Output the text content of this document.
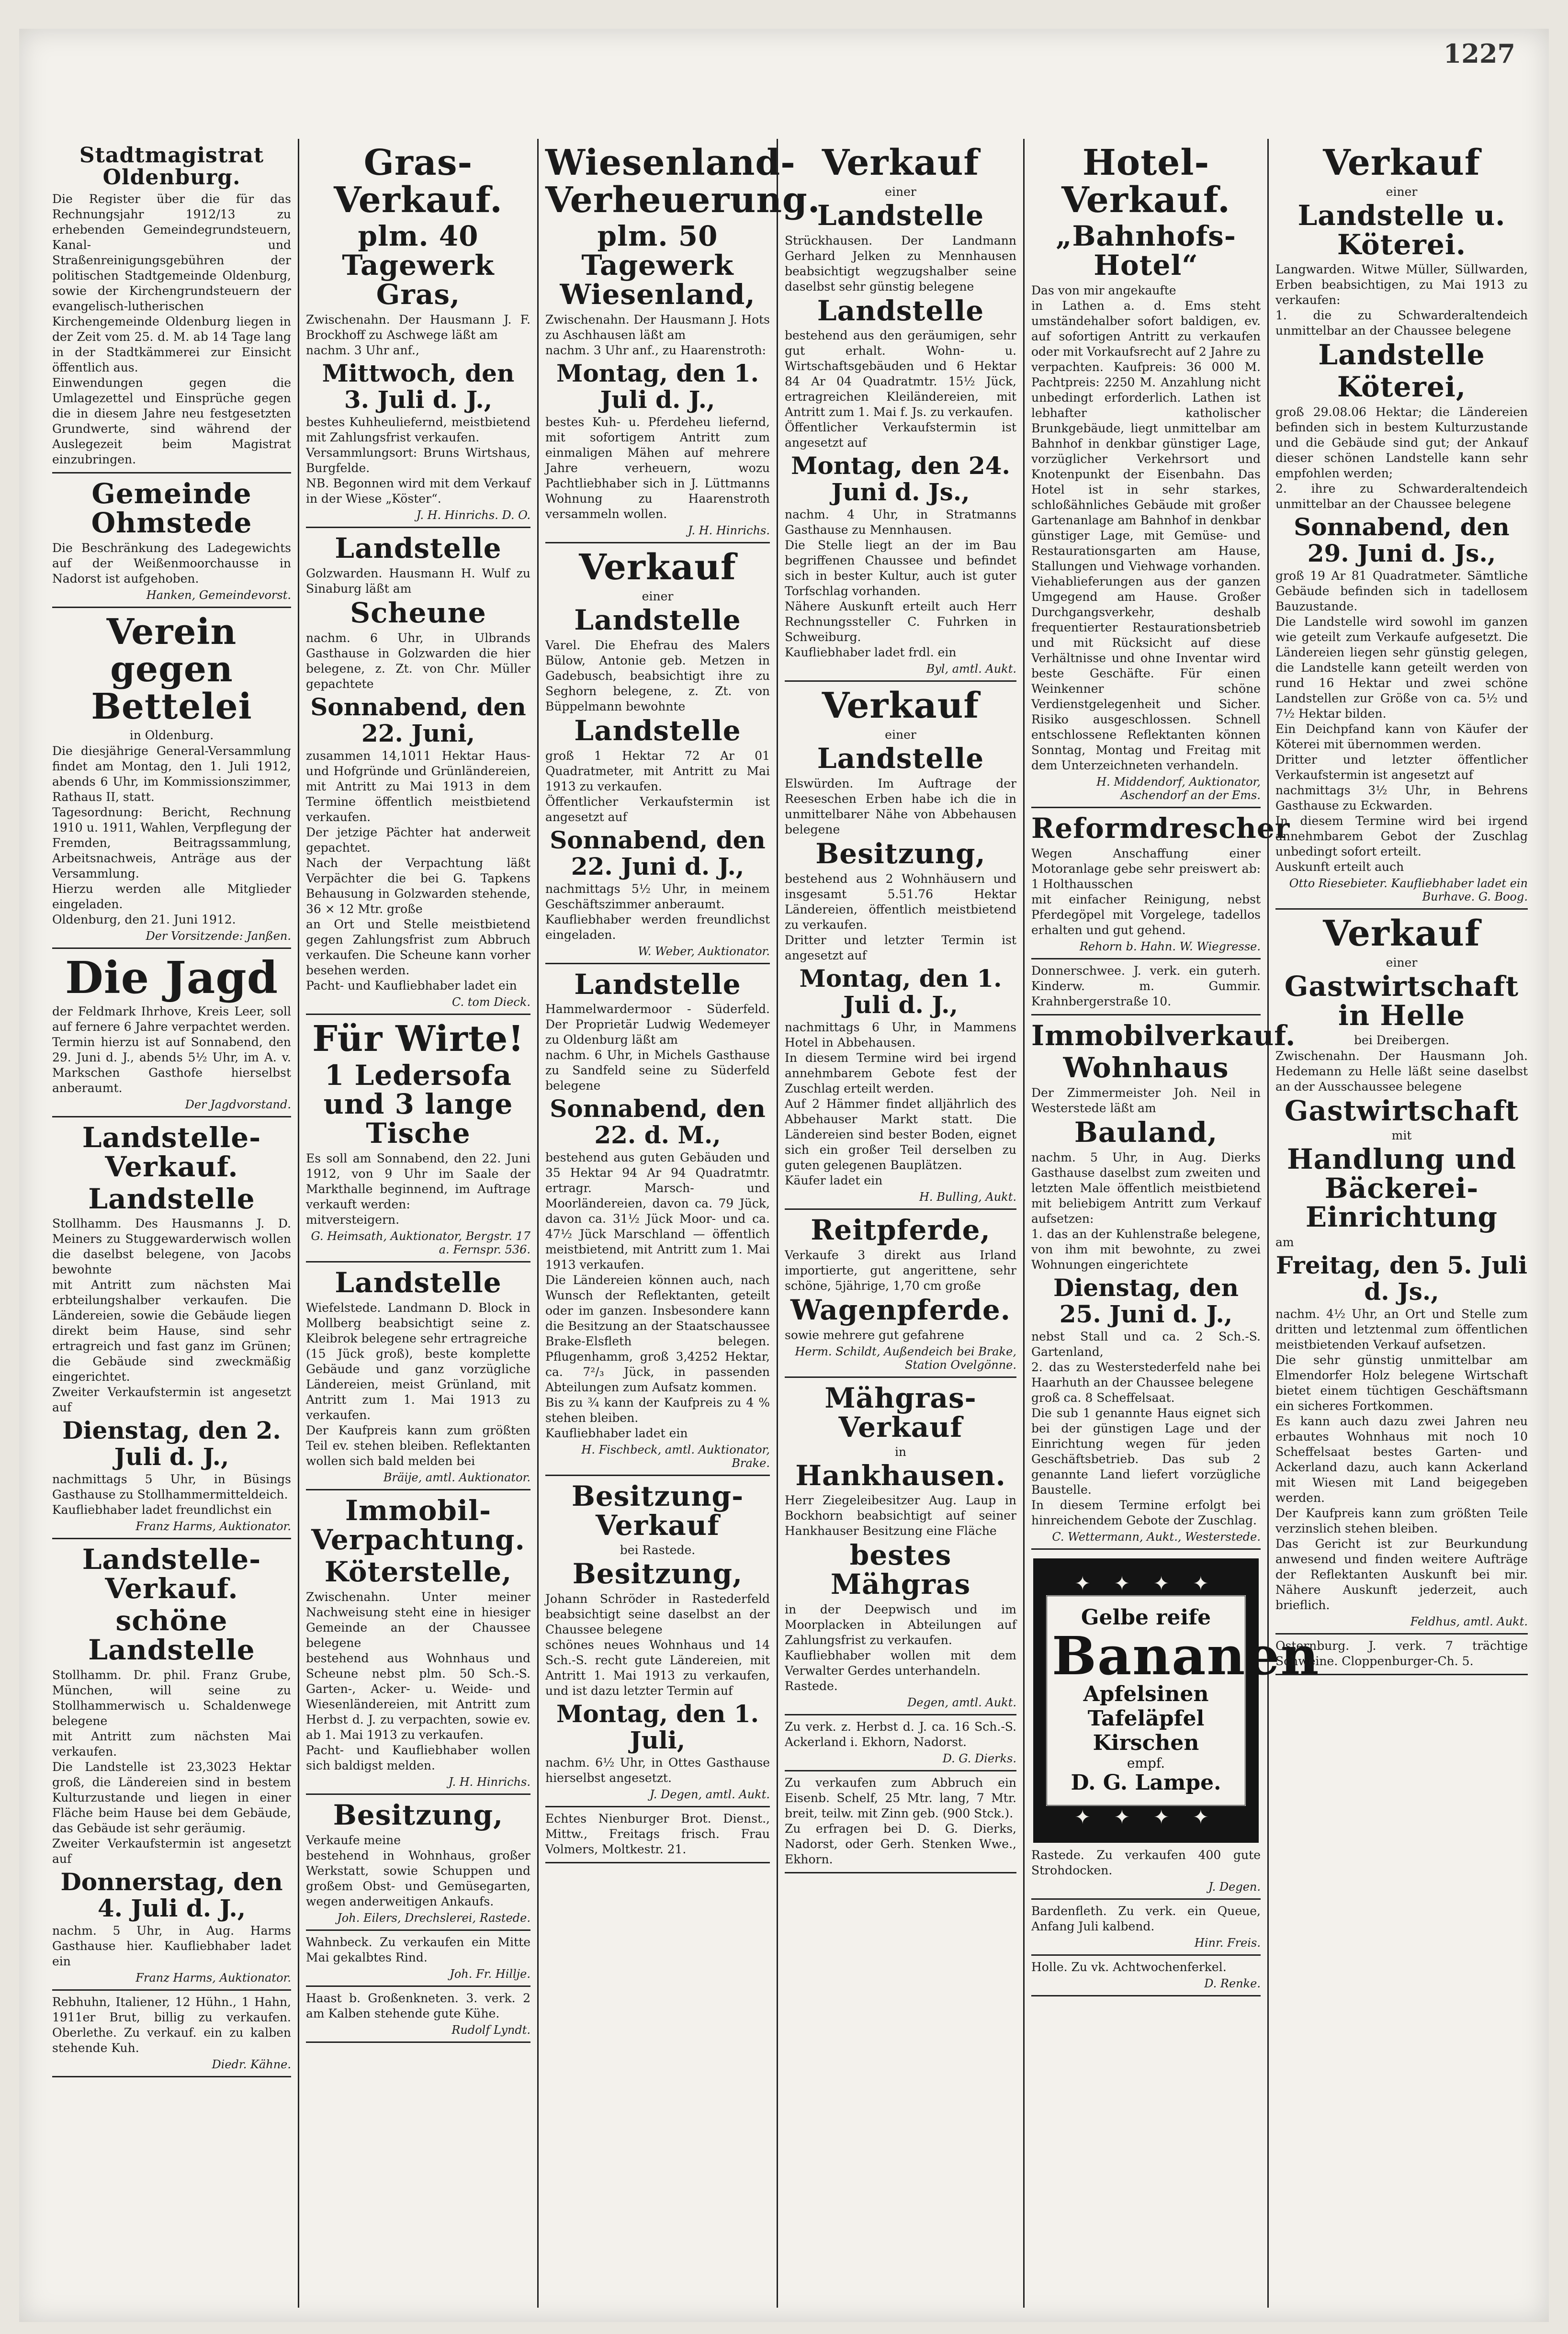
1227
Stadtmagistrat Oldenburg.
Die Register über die für das Rechnungsjahr 1912/13 zu erhebenden Gemeindegrundsteuern, Kanal- und Straßenreinigungsgebühren der politischen Stadtgemeinde Oldenburg, sowie der Kirchengrundsteuern der evangelisch-lutherischen Kirchengemeinde Oldenburg liegen in der Zeit vom 25. d. M. ab 14 Tage lang in der Stadtkämmerei zur Einsicht öffentlich aus.
Einwendungen gegen die Umlagezettel und Einsprüche gegen die in diesem Jahre neu festgesetzten Grundwerte, sind während der Auslegezeit beim Magistrat einzubringen.
Gemeinde Ohmstede
Die Beschränkung des Ladegewichts auf der Weißenmoorchausse in Nadorst ist aufgehoben.
Hanken, Gemeindevorst.
Verein gegen Bettelei
in Oldenburg.
Die diesjährige General-Versammlung findet am Montag, den 1. Juli 1912, abends 6 Uhr, im Kommissionszimmer, Rathaus II, statt.
Tagesordnung: Bericht, Rechnung 1910 u. 1911, Wahlen, Verpflegung der Fremden, Beitragssammlung, Arbeitsnachweis, Anträge aus der Versammlung.
Hierzu werden alle Mitglieder eingeladen.
Oldenburg, den 21. Juni 1912.
Der Vorsitzende: Janßen.
Die Jagd
der Feldmark Ihrhove, Kreis Leer, soll auf fernere 6 Jahre verpachtet werden.
Termin hierzu ist auf Sonnabend, den 29. Juni d. J., abends 5½ Uhr, im A. v. Markschen Gasthofe hierselbst anberaumt.
Der Jagdvorstand.
Landstelle-Verkauf.
Landstelle
Stollhamm. Des Hausmanns J. D. Meiners zu Stuggewarderwisch wollen die daselbst belegene, von Jacobs bewohnte
mit Antritt zum nächsten Mai erbteilungshalber verkaufen. Die Ländereien, sowie die Gebäude liegen direkt beim Hause, sind sehr ertragreich und fast ganz im Grünen; die Gebäude sind zweckmäßig eingerichtet.
Zweiter Verkaufstermin ist angesetzt auf
Dienstag, den 2. Juli d. J.,
nachmittags 5 Uhr, in Büsings Gasthause zu Stollhammermitteldeich.
Kaufliebhaber ladet freundlichst ein
Franz Harms, Auktionator.
Landstelle-Verkauf.
schöne Landstelle
Stollhamm. Dr. phil. Franz Grube, München, will seine zu Stollhammerwisch u. Schaldenwege belegene
mit Antritt zum nächsten Mai verkaufen.
Die Landstelle ist 23,3023 Hektar groß, die Ländereien sind in bestem Kulturzustande und liegen in einer Fläche beim Hause bei dem Gebäude, das Gebäude ist sehr geräumig.
Zweiter Verkaufstermin ist angesetzt auf
Donnerstag, den 4. Juli d. J.,
nachm. 5 Uhr, in Aug. Harms Gasthause hier. Kaufliebhaber ladet ein
Franz Harms, Auktionator.
Rebhuhn, Italiener, 12 Hühn., 1 Hahn, 1911er Brut, billig zu verkaufen. Oberlethe. Zu verkauf. ein zu kalben stehende Kuh.
Diedr. Kähne.
Gras-Verkauf.
plm. 40 Tagewerk Gras,
Zwischenahn. Der Hausmann J. F. Brockhoff zu Aschwege läßt am
nachm. 3 Uhr anf.,
Mittwoch, den 3. Juli d. J.,
bestes Kuhheuliefernd, meistbietend mit Zahlungsfrist verkaufen.
Versammlungsort: Bruns Wirtshaus, Burgfelde.
NB. Begonnen wird mit dem Verkauf in der Wiese „Köster“.
J. H. Hinrichs. D. O.
Landstelle
Golzwarden. Hausmann H. Wulf zu Sinaburg läßt am
Scheune
nachm. 6 Uhr, in Ulbrands Gasthause in Golzwarden die hier belegene, z. Zt. von Chr. Müller gepachtete
Sonnabend, den 22. Juni,
zusammen 14,1011 Hektar Haus- und Hofgründe und Grünländereien, mit Antritt zu Mai 1913 in dem Termine öffentlich meistbietend verkaufen.
Der jetzige Pächter hat anderweit gepachtet.
Nach der Verpachtung läßt Verpächter die bei G. Tapkens Behausung in Golzwarden stehende, 36 × 12 Mtr. große
an Ort und Stelle meistbietend gegen Zahlungsfrist zum Abbruch verkaufen. Die Scheune kann vorher besehen werden.
Pacht- und Kaufliebhaber ladet ein
C. tom Dieck.
Für Wirte!
1 Ledersofa und 3 lange Tische
Es soll am Sonnabend, den 22. Juni 1912, von 9 Uhr im Saale der Markthalle beginnend, im Auftrage verkauft werden:
mitversteigern.
G. Heimsath, Auktionator, Bergstr. 17 a. Fernspr. 536.
Landstelle
Wiefelstede. Landmann D. Block in Mollberg beabsichtigt seine z. Kleibrok belegene sehr ertragreiche
(15 Jück groß), beste komplette Gebäude und ganz vorzügliche Ländereien, meist Grünland, mit Antritt zum 1. Mai 1913 zu verkaufen.
Der Kaufpreis kann zum größten Teil ev. stehen bleiben. Reflektanten wollen sich bald melden bei
Bräije, amtl. Auktionator.
Immobil-Verpachtung.
Köterstelle,
Zwischenahn. Unter meiner Nachweisung steht eine in hiesiger Gemeinde an der Chaussee belegene
bestehend aus Wohnhaus und Scheune nebst plm. 50 Sch.-S. Garten-, Acker- u. Weide- und Wiesenländereien, mit Antritt zum Herbst d. J. zu verpachten, sowie ev. ab 1. Mai 1913 zu verkaufen.
Pacht- und Kaufliebhaber wollen sich baldigst melden.
J. H. Hinrichs.
Besitzung,
Verkaufe meine
bestehend in Wohnhaus, großer Werkstatt, sowie Schuppen und großem Obst- und Gemüsegarten, wegen anderweitigen Ankaufs.
Joh. Eilers, Drechslerei, Rastede.
Wahnbeck. Zu verkaufen ein Mitte Mai gekalbtes Rind.
Joh. Fr. Hillje.
Haast b. Großenkneten. 3. verk. 2 am Kalben stehende gute Kühe.
Rudolf Lyndt.
Wiesenland-Verheuerung.
plm. 50 Tagewerk Wiesenland,
Zwischenahn. Der Hausmann J. Hots zu Aschhausen läßt am
nachm. 3 Uhr anf., zu Haarenstroth:
Montag, den 1. Juli d. J.,
bestes Kuh- u. Pferdeheu liefernd, mit sofortigem Antritt zum einmaligen Mähen auf mehrere Jahre verheuern, wozu Pachtliebhaber sich in J. Lüttmanns Wohnung zu Haarenstroth versammeln wollen.
J. H. Hinrichs.
Verkauf
einer
Landstelle
Varel. Die Ehefrau des Malers Bülow, Antonie geb. Metzen in Gadebusch, beabsichtigt ihre zu Seghorn belegene, z. Zt. von Büppelmann bewohnte
Landstelle
groß 1 Hektar 72 Ar 01 Quadratmeter, mit Antritt zu Mai 1913 zu verkaufen.
Öffentlicher Verkaufstermin ist angesetzt auf
Sonnabend, den 22. Juni d. J.,
nachmittags 5½ Uhr, in meinem Geschäftszimmer anberaumt.
Kaufliebhaber werden freundlichst eingeladen.
W. Weber, Auktionator.
Landstelle
Hammelwardermoor - Süderfeld. Der Proprietär Ludwig Wedemeyer zu Oldenburg läßt am
nachm. 6 Uhr, in Michels Gasthause zu Sandfeld seine zu Süderfeld belegene
Sonnabend, den 22. d. M.,
bestehend aus guten Gebäuden und 35 Hektar 94 Ar 94 Quadratmtr. ertragr. Marsch- und Moorländereien, davon ca. 79 Jück, davon ca. 31½ Jück Moor- und ca. 47½ Jück Marschland — öffentlich meistbietend, mit Antritt zum 1. Mai 1913 verkaufen.
Die Ländereien können auch, nach Wunsch der Reflektanten, geteilt oder im ganzen. Insbesondere kann die Besitzung an der Staatschaussee Brake-Elsfleth belegen. Pflugenhamm, groß 3,4252 Hektar, ca. 7²/₃ Jück, in passenden Abteilungen zum Aufsatz kommen.
Bis zu ¾ kann der Kaufpreis zu 4 % stehen bleiben.
Kaufliebhaber ladet ein
H. Fischbeck, amtl. Auktionator, Brake.
Besitzung-Verkauf
bei Rastede.
Besitzung,
Johann Schröder in Rastederfeld beabsichtigt seine daselbst an der Chaussee belegene
schönes neues Wohnhaus und 14 Sch.-S. recht gute Ländereien, mit Antritt 1. Mai 1913 zu verkaufen, und ist dazu letzter Termin auf
Montag, den 1. Juli,
nachm. 6½ Uhr, in Ottes Gasthause hierselbst angesetzt.
J. Degen, amtl. Aukt.
Echtes Nienburger Brot. Dienst., Mittw., Freitags frisch. Frau Volmers, Moltkestr. 21.
Verkauf
einer
Landstelle
Strückhausen. Der Landmann Gerhard Jelken zu Mennhausen beabsichtigt wegzugshalber seine daselbst sehr günstig belegene
Landstelle
bestehend aus den geräumigen, sehr gut erhalt. Wohn- u. Wirtschaftsgebäuden und 6 Hektar 84 Ar 04 Quadratmtr. 15½ Jück, ertragreichen Kleiländereien, mit Antritt zum 1. Mai f. Js. zu verkaufen.
Öffentlicher Verkaufstermin ist angesetzt auf
Montag, den 24. Juni d. Js.,
nachm. 4 Uhr, in Stratmanns Gasthause zu Mennhausen.
Die Stelle liegt an der im Bau begriffenen Chaussee und befindet sich in bester Kultur, auch ist guter Torfschlag vorhanden.
Nähere Auskunft erteilt auch Herr Rechnungssteller C. Fuhrken in Schweiburg.
Kaufliebhaber ladet frdl. ein
Byl, amtl. Aukt.
Verkauf
einer
Landstelle
Elswürden. Im Auftrage der Reeseschen Erben habe ich die in unmittelbarer Nähe von Abbehausen belegene
Besitzung,
bestehend aus 2 Wohnhäusern und insgesamt 5.51.76 Hektar Ländereien, öffentlich meistbietend zu verkaufen.
Dritter und letzter Termin ist angesetzt auf
Montag, den 1. Juli d. J.,
nachmittags 6 Uhr, in Mammens Hotel in Abbehausen.
In diesem Termine wird bei irgend annehmbarem Gebote fest der Zuschlag erteilt werden.
Auf 2 Hämmer findet alljährlich des Abbehauser Markt statt. Die Ländereien sind bester Boden, eignet sich ein großer Teil derselben zu guten gelegenen Bauplätzen.
Käufer ladet ein
H. Bulling, Aukt.
Reitpferde,
Verkaufe 3 direkt aus Irland importierte, gut angerittene, sehr schöne, 5jährige, 1,70 cm große
Wagenpferde.
sowie mehrere gut gefahrene
Herm. Schildt, Außendeich bei Brake, Station Ovelgönne.
Mähgras-Verkauf
in
Hankhausen.
Herr Ziegeleibesitzer Aug. Laup in Bockhorn beabsichtigt auf seiner Hankhauser Besitzung eine Fläche
bestes Mähgras
in der Deepwisch und im Moorplacken in Abteilungen auf Zahlungsfrist zu verkaufen.
Kaufliebhaber wollen mit dem Verwalter Gerdes unterhandeln.
Rastede.
Degen, amtl. Aukt.
Zu verk. z. Herbst d. J. ca. 16 Sch.-S. Ackerland i. Ekhorn, Nadorst.
D. G. Dierks.
Zu verkaufen zum Abbruch ein Eisenb. Schelf, 25 Mtr. lang, 7 Mtr. breit, teilw. mit Zinn geb. (900 Stck.).
Zu erfragen bei D. G. Dierks, Nadorst, oder Gerh. Stenken Wwe., Ekhorn.
Hotel-Verkauf.
„Bahnhofs-Hotel“
Das von mir angekaufte
in Lathen a. d. Ems steht umständehalber sofort baldigen, ev. auf sofortigen Antritt zu verkaufen oder mit Vorkaufsrecht auf 2 Jahre zu verpachten. Kaufpreis: 36 000 M. Pachtpreis: 2250 M. Anzahlung nicht unbedingt erforderlich. Lathen ist lebhafter katholischer Brunkgebäude, liegt unmittelbar am Bahnhof in denkbar günstiger Lage, vorzüglicher Verkehrsort und Knotenpunkt der Eisenbahn. Das Hotel ist in sehr starkes, schloßähnliches Gebäude mit großer Gartenanlage am Bahnhof in denkbar günstiger Lage, mit Gemüse- und Restaurationsgarten am Hause, Stallungen und Viehwage vorhanden. Viehablieferungen aus der ganzen Umgegend am Hause. Großer Durchgangsverkehr, deshalb frequentierter Restaurationsbetrieb und mit Rücksicht auf diese Verhältnisse und ohne Inventar wird beste Geschäfte. Für einen Weinkenner schöne Verdienstgelegenheit und Sicher. Risiko ausgeschlossen. Schnell entschlossene Reflektanten können Sonntag, Montag und Freitag mit dem Unterzeichneten verhandeln.
H. Middendorf, Auktionator, Aschendorf an der Ems.
Reformdrescher
Wegen Anschaffung einer Motoranlage gebe sehr preiswert ab: 1 Holthausschen
mit einfacher Reinigung, nebst Pferdegöpel mit Vorgelege, tadellos erhalten und gut gehend.
Rehorn b. Hahn. W. Wiegresse.
Donnerschwee. J. verk. ein guterh. Kinderw. m. Gummir. Krahnbergerstraße 10.
Immobilverkauf.
Wohnhaus
Der Zimmermeister Joh. Neil in Westerstede läßt am
Bauland,
nachm. 5 Uhr, in Aug. Dierks Gasthause daselbst zum zweiten und letzten Male öffentlich meistbietend mit beliebigem Antritt zum Verkauf aufsetzen:
1. das an der Kuhlenstraße belegene, von ihm mit bewohnte, zu zwei Wohnungen eingerichtete
Dienstag, den 25. Juni d. J.,
nebst Stall und ca. 2 Sch.-S. Gartenland,
2. das zu Westerstederfeld nahe bei Haarhuth an der Chaussee belegene
groß ca. 8 Scheffelsaat.
Die sub 1 genannte Haus eignet sich bei der günstigen Lage und der Einrichtung wegen für jeden Geschäftsbetrieb. Das sub 2 genannte Land liefert vorzügliche Baustelle.
In diesem Termine erfolgt bei hinreichendem Gebote der Zuschlag.
C. Wettermann, Aukt., Westerstede.
✦ ✦ ✦ ✦
Gelbe reife
Bananen
Apfelsinen
Tafeläpfel
Kirschen
empf.
D. G. Lampe.
✦ ✦ ✦ ✦
Rastede. Zu verkaufen 400 gute Strohdocken.
J. Degen.
Bardenfleth. Zu verk. ein Queue, Anfang Juli kalbend.
Hinr. Freis.
Holle. Zu vk. Achtwochenferkel.
D. Renke.
Verkauf
einer
Landstelle u. Köterei.
Langwarden. Witwe Müller, Süllwarden, Erben beabsichtigen, zu Mai 1913 zu verkaufen:
1. die zu Schwarderaltendeich unmittelbar an der Chaussee belegene
Landstelle
Köterei,
groß 29.08.06 Hektar; die Ländereien befinden sich in bestem Kulturzustande und die Gebäude sind gut; der Ankauf dieser schönen Landstelle kann sehr empfohlen werden;
2. ihre zu Schwarderaltendeich unmittelbar an der Chaussee belegene
Sonnabend, den 29. Juni d. Js.,
groß 19 Ar 81 Quadratmeter. Sämtliche Gebäude befinden sich in tadellosem Bauzustande.
Die Landstelle wird sowohl im ganzen wie geteilt zum Verkaufe aufgesetzt. Die Ländereien liegen sehr günstig gelegen, die Landstelle kann geteilt werden von rund 16 Hektar und zwei schöne Landstellen zur Größe von ca. 5½ und 7½ Hektar bilden.
Ein Deichpfand kann von Käufer der Köterei mit übernommen werden.
Dritter und letzter öffentlicher Verkaufstermin ist angesetzt auf
nachmittags 3½ Uhr, in Behrens Gasthause zu Eckwarden.
In diesem Termine wird bei irgend annehmbarem Gebot der Zuschlag unbedingt sofort erteilt.
Auskunft erteilt auch
Otto Riesebieter. Kaufliebhaber ladet ein Burhave. G. Boog.
Verkauf
einer
Gastwirtschaft in Helle
bei Dreibergen.
Zwischenahn. Der Hausmann Joh. Hedemann zu Helle läßt seine daselbst an der Ausschaussee belegene
Gastwirtschaft
mit
Handlung und Bäckerei-Einrichtung
am
Freitag, den 5. Juli d. Js.,
nachm. 4½ Uhr, an Ort und Stelle zum dritten und letztenmal zum öffentlichen meistbietenden Verkauf aufsetzen.
Die sehr günstig unmittelbar am Elmendorfer Holz belegene Wirtschaft bietet einem tüchtigen Geschäftsmann ein sicheres Fortkommen.
Es kann auch dazu zwei Jahren neu erbautes Wohnhaus mit noch 10 Scheffelsaat bestes Garten- und Ackerland dazu, auch kann Ackerland mit Wiesen mit Land beigegeben werden.
Der Kaufpreis kann zum größten Teile verzinslich stehen bleiben.
Das Gericht ist zur Beurkundung anwesend und finden weitere Aufträge der Reflektanten Auskunft bei mir. Nähere Auskunft jederzeit, auch brieflich.
Feldhus, amtl. Aukt.
Osternburg. J. verk. 7 trächtige Schweine. Cloppenburger-Ch. 5.
